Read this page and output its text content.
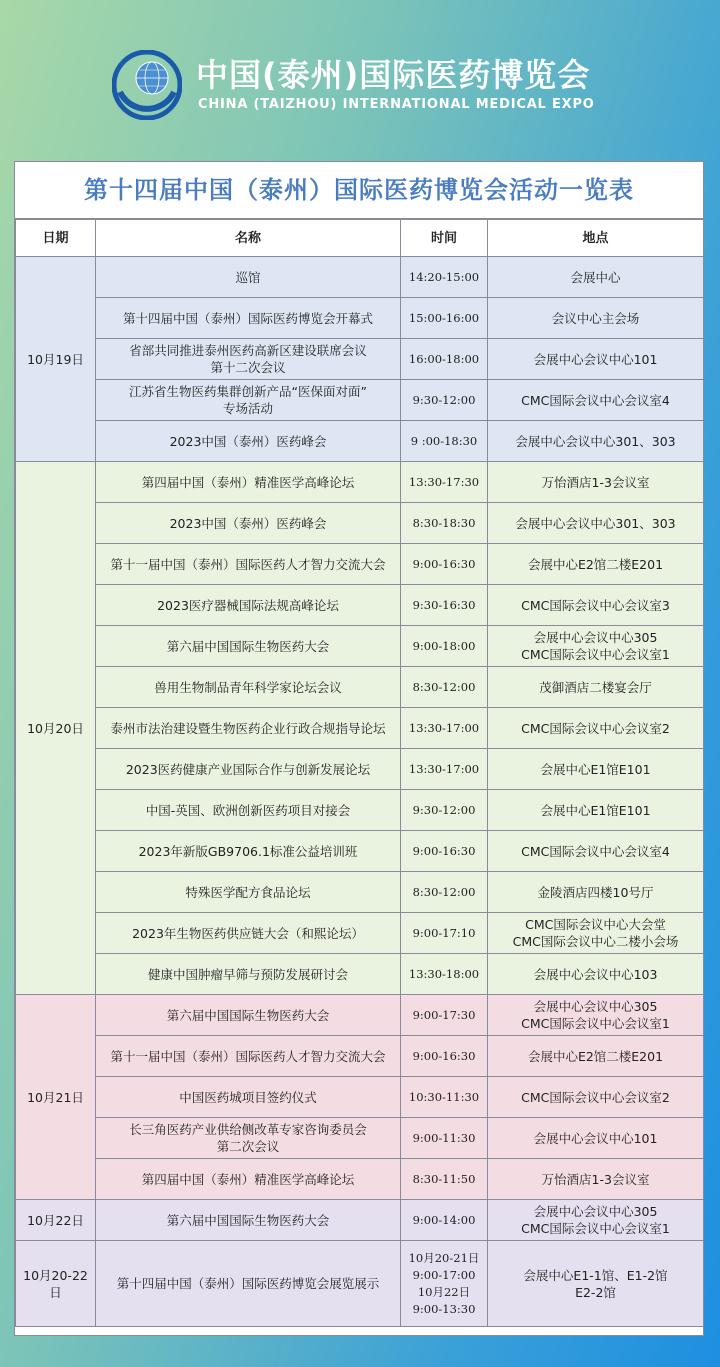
中国(泰州)国际医药博览会
CHINA (TAIZHOU) INTERNATIONAL MEDICAL EXPO
第十四届中国（泰州）国际医药博览会活动一览表
日期	名称	时间	地点
10月19日	巡馆	14:20-15:00	会展中心
	第十四届中国（泰州）国际医药博览会开幕式	15:00-16:00	会议中心主会场
	省部共同推进泰州医药高新区建设联席会议
第十二次会议	16:00-18:00	会展中心会议中心101
	江苏省生物医药集群创新产品“医保面对面”
专场活动	9:30-12:00	CMC国际会议中心会议室4
	2023中国（泰州）医药峰会	9 :00-18:30	会展中心会议中心301、303
10月20日	第四届中国（泰州）精准医学高峰论坛	13:30-17:30	万怡酒店1-3会议室
	2023中国（泰州）医药峰会	8:30-18:30	会展中心会议中心301、303
	第十一届中国（泰州）国际医药人才智力交流大会	9:00-16:30	会展中心E2馆二楼E201
	2023医疗器械国际法规高峰论坛	9:30-16:30	CMC国际会议中心会议室3
	第六届中国国际生物医药大会	9:00-18:00	会展中心会议中心305
CMC国际会议中心会议室1
	兽用生物制品青年科学家论坛会议	8:30-12:00	茂御酒店二楼宴会厅
	泰州市法治建设暨生物医药企业行政合规指导论坛	13:30-17:00	CMC国际会议中心会议室2
	2023医药健康产业国际合作与创新发展论坛	13:30-17:00	会展中心E1馆E101
	中国-英国、欧洲创新医药项目对接会	9:30-12:00	会展中心E1馆E101
	2023年新版GB9706.1标准公益培训班	9:00-16:30	CMC国际会议中心会议室4
	特殊医学配方食品论坛	8:30-12:00	金陵酒店四楼10号厅
	2023年生物医药供应链大会（和熙论坛）	9:00-17:10	CMC国际会议中心大会堂
CMC国际会议中心二楼小会场
	健康中国肿瘤早筛与预防发展研讨会	13:30-18:00	会展中心会议中心103
10月21日	第六届中国国际生物医药大会	9:00-17:30	会展中心会议中心305
CMC国际会议中心会议室1
	第十一届中国（泰州）国际医药人才智力交流大会	9:00-16:30	会展中心E2馆二楼E201
	中国医药城项目签约仪式	10:30-11:30	CMC国际会议中心会议室2
	长三角医药产业供给侧改革专家咨询委员会
第二次会议	9:00-11:30	会展中心会议中心101
	第四届中国（泰州）精准医学高峰论坛	8:30-11:50	万怡酒店1-3会议室
10月22日	第六届中国国际生物医药大会	9:00-14:00	会展中心会议中心305
CMC国际会议中心会议室1
10月20-22日	第十四届中国（泰州）国际医药博览会展览展示	10月20-21日
9:00-17:00
10月22日
9:00-13:30	会展中心E1-1馆、E1-2馆
E2-2馆
